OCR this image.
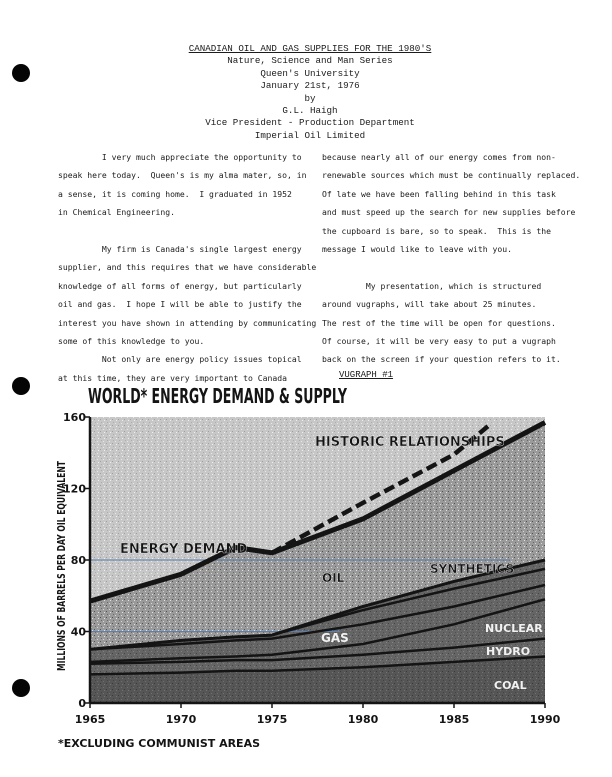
CANADIAN OIL AND GAS SUPPLIES FOR THE 1980'S
Nature, Science and Man Series
Queen's University
January 21st, 1976
by
G.L. Haigh
Vice President - Production Department
Imperial Oil Limited

I very much appreciate the opportunity to

speak here today.  Queen's is my alma mater, so, in

a sense, it is coming home.  I graduated in 1952

in Chemical Engineering.

My firm is Canada's single largest energy

supplier, and this requires that we have considerable

knowledge of all forms of energy, but particularly

oil and gas.  I hope I will be able to justify the

interest you have shown in attending by communicating

some of this knowledge to you.

Not only are energy policy issues topical

at this time, they are very important to Canada

because nearly all of our energy comes from non-

renewable sources which must be continually replaced.

Of late we have been falling behind in this task

and must speed up the search for new supplies before

the cupboard is bare, so to speak.  This is the

message I would like to leave with you.

My presentation, which is structured

around vugraphs, will take about 25 minutes.

The rest of the time will be open for questions.

Of course, it will be very easy to put a vugraph

back on the screen if your question refers to it.

VUGRAPH #1
WORLD* ENERGY DEMAND & SUPPLY
0
40
80
120
160
1965	1970	1975	1980	1985	1990
MILLIONS OF BARRELS PER DAY OIL EQUIVALENT	HISTORIC RELATIONSHIPS
ENERGY DEMAND
OIL
SYNTHETICS
GAS
NUCLEAR
HYDRO
COAL
*EXCLUDING COMMUNIST AREAS
